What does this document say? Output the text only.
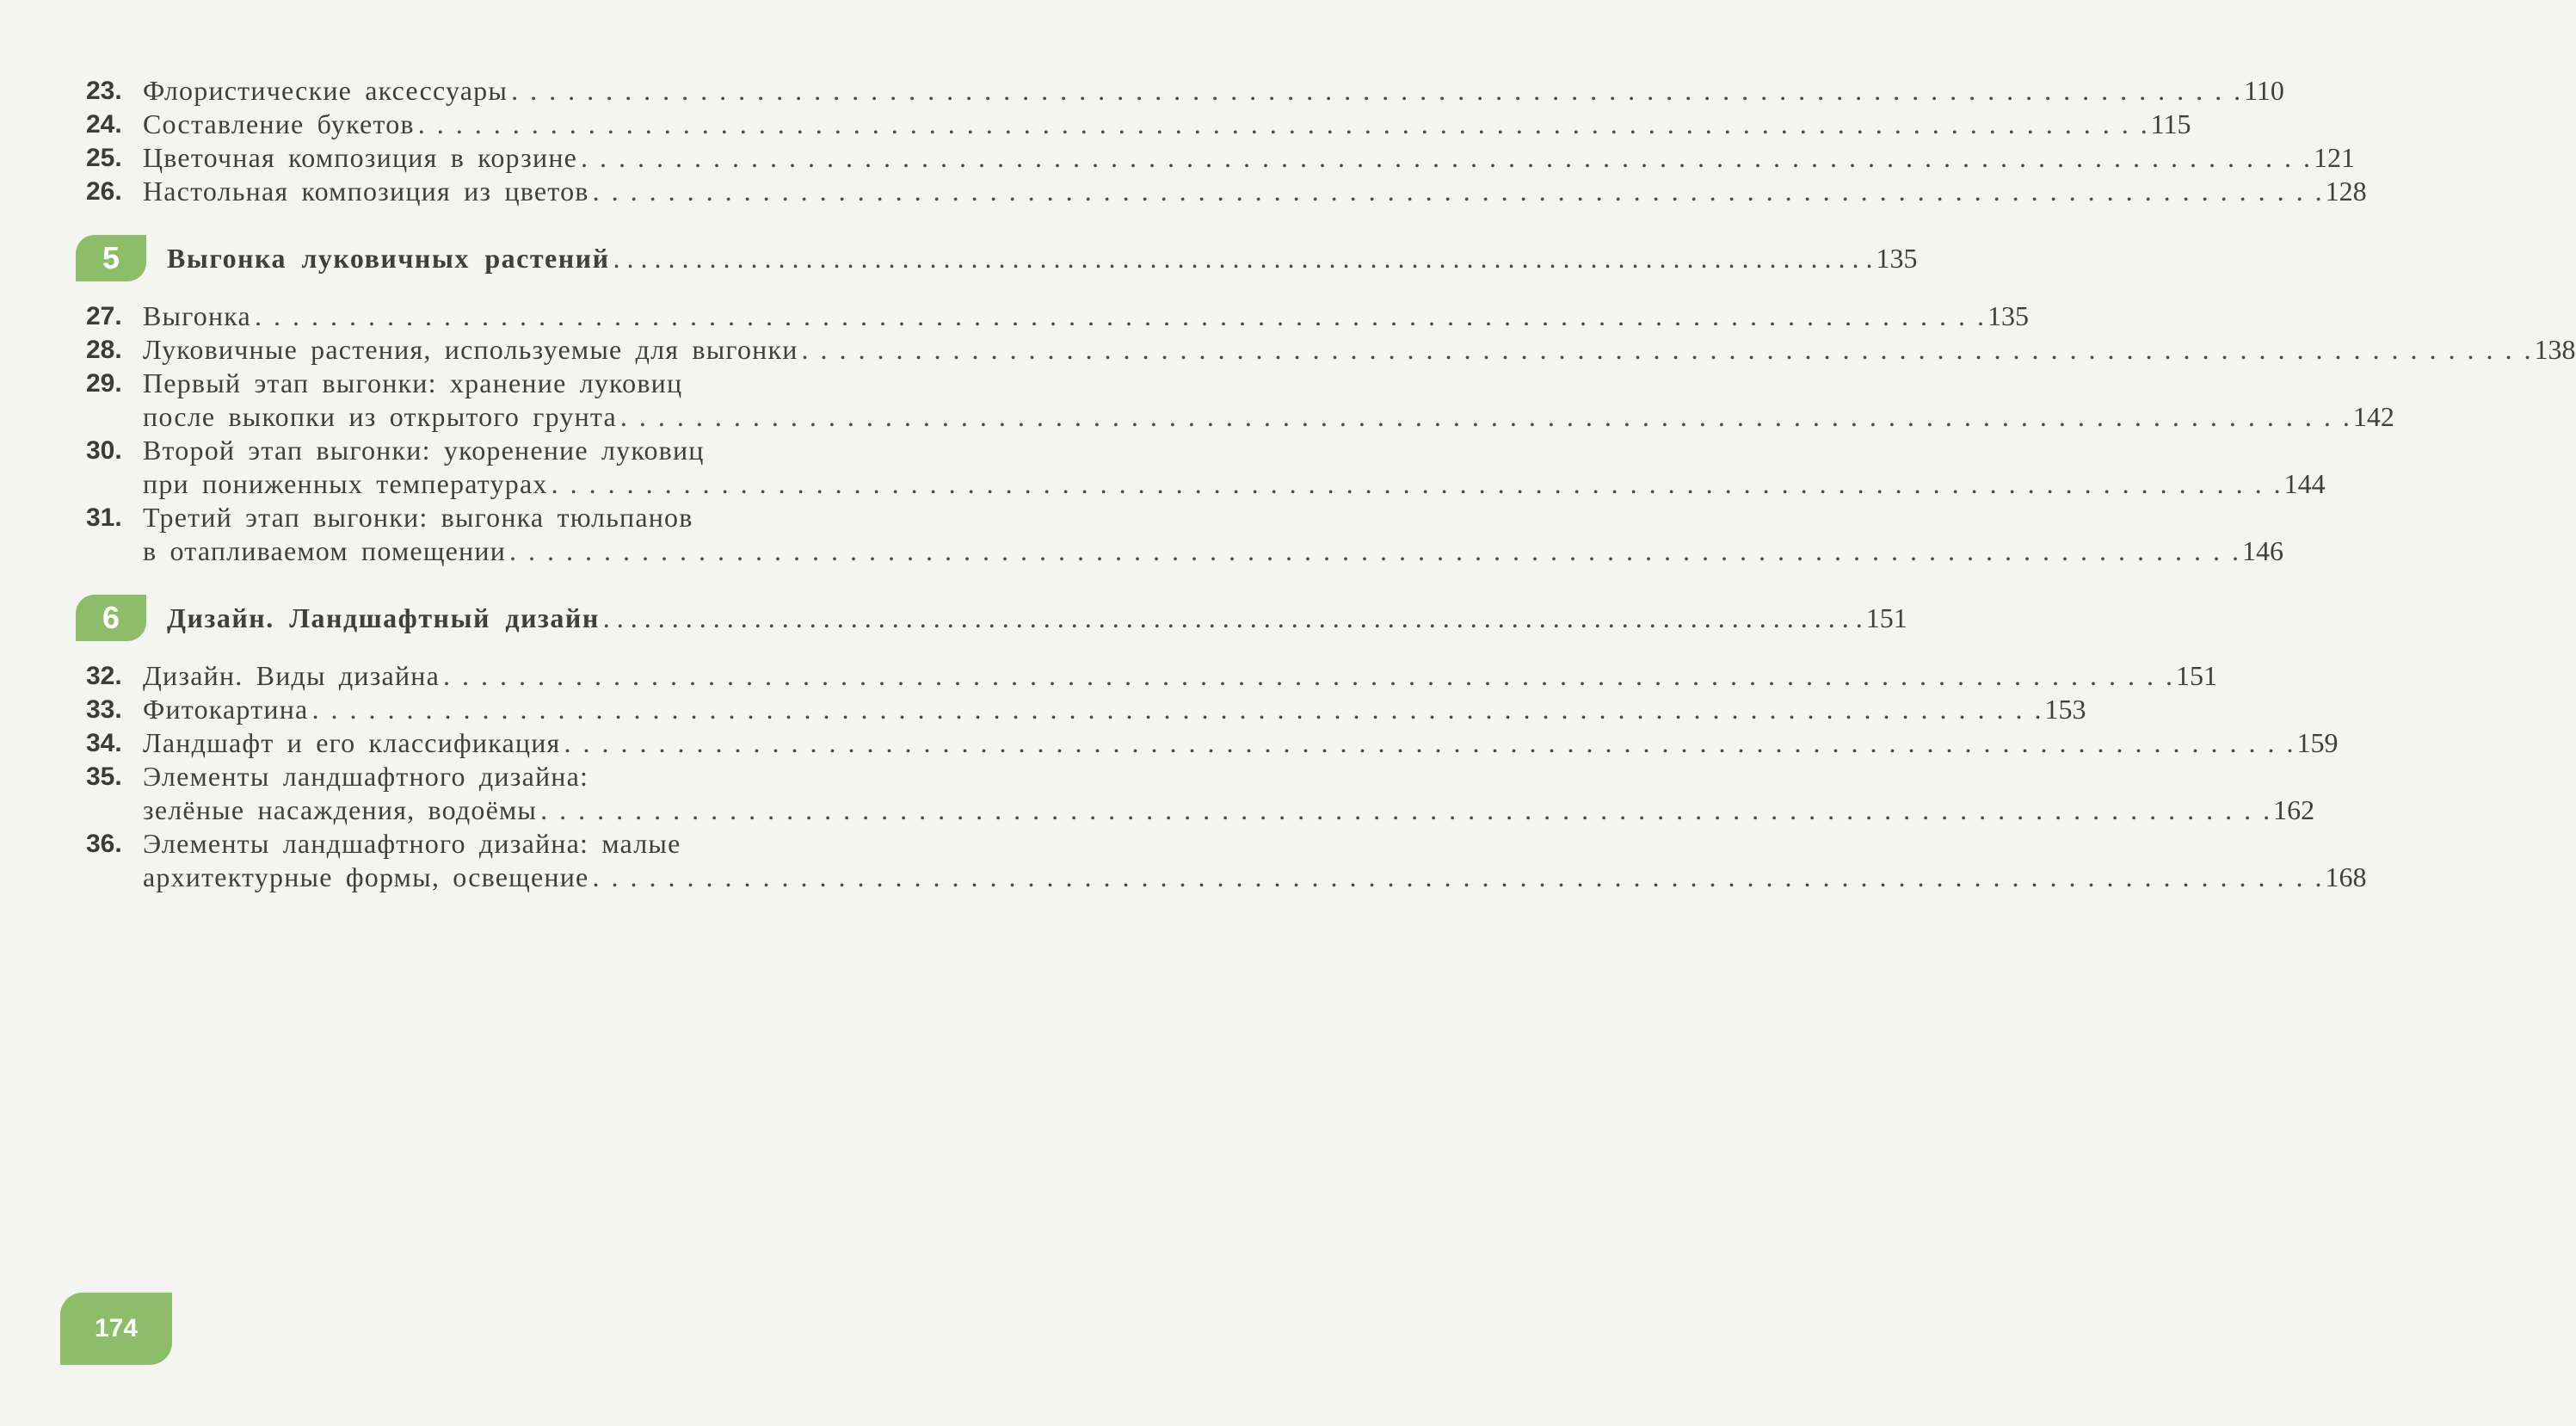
23. Флористические аксессуары . . .	110
24. Составление букетов . . .	115
25. Цветочная композиция в корзине . . .	121
26. Настольная композиция из цветов . . .	128
5	Выгонка луковичных растений . . .	135
27. Выгонка . . .	135
28. Луковичные растения, используемые для выгонки . . .	138
29. Первый этап выгонки: хранение луковиц
после выкопки из открытого грунта . . .	142
30. Второй этап выгонки: укоренение луковиц
при пониженных температурах . . .	144
31. Третий этап выгонки: выгонка тюльпанов
в отапливаемом помещении . . .	146
6	Дизайн. Ландшафтный дизайн . . .	151
32. Дизайн. Виды дизайна . . .	151
33. Фитокартина . . .	153
34. Ландшафт и его классификация . . .	159
35. Элементы ландшафтного дизайна:
зелёные насаждения, водоёмы . . .	162
36. Элементы ландшафтного дизайна: малые
архитектурные формы, освещение . . .	168
174
